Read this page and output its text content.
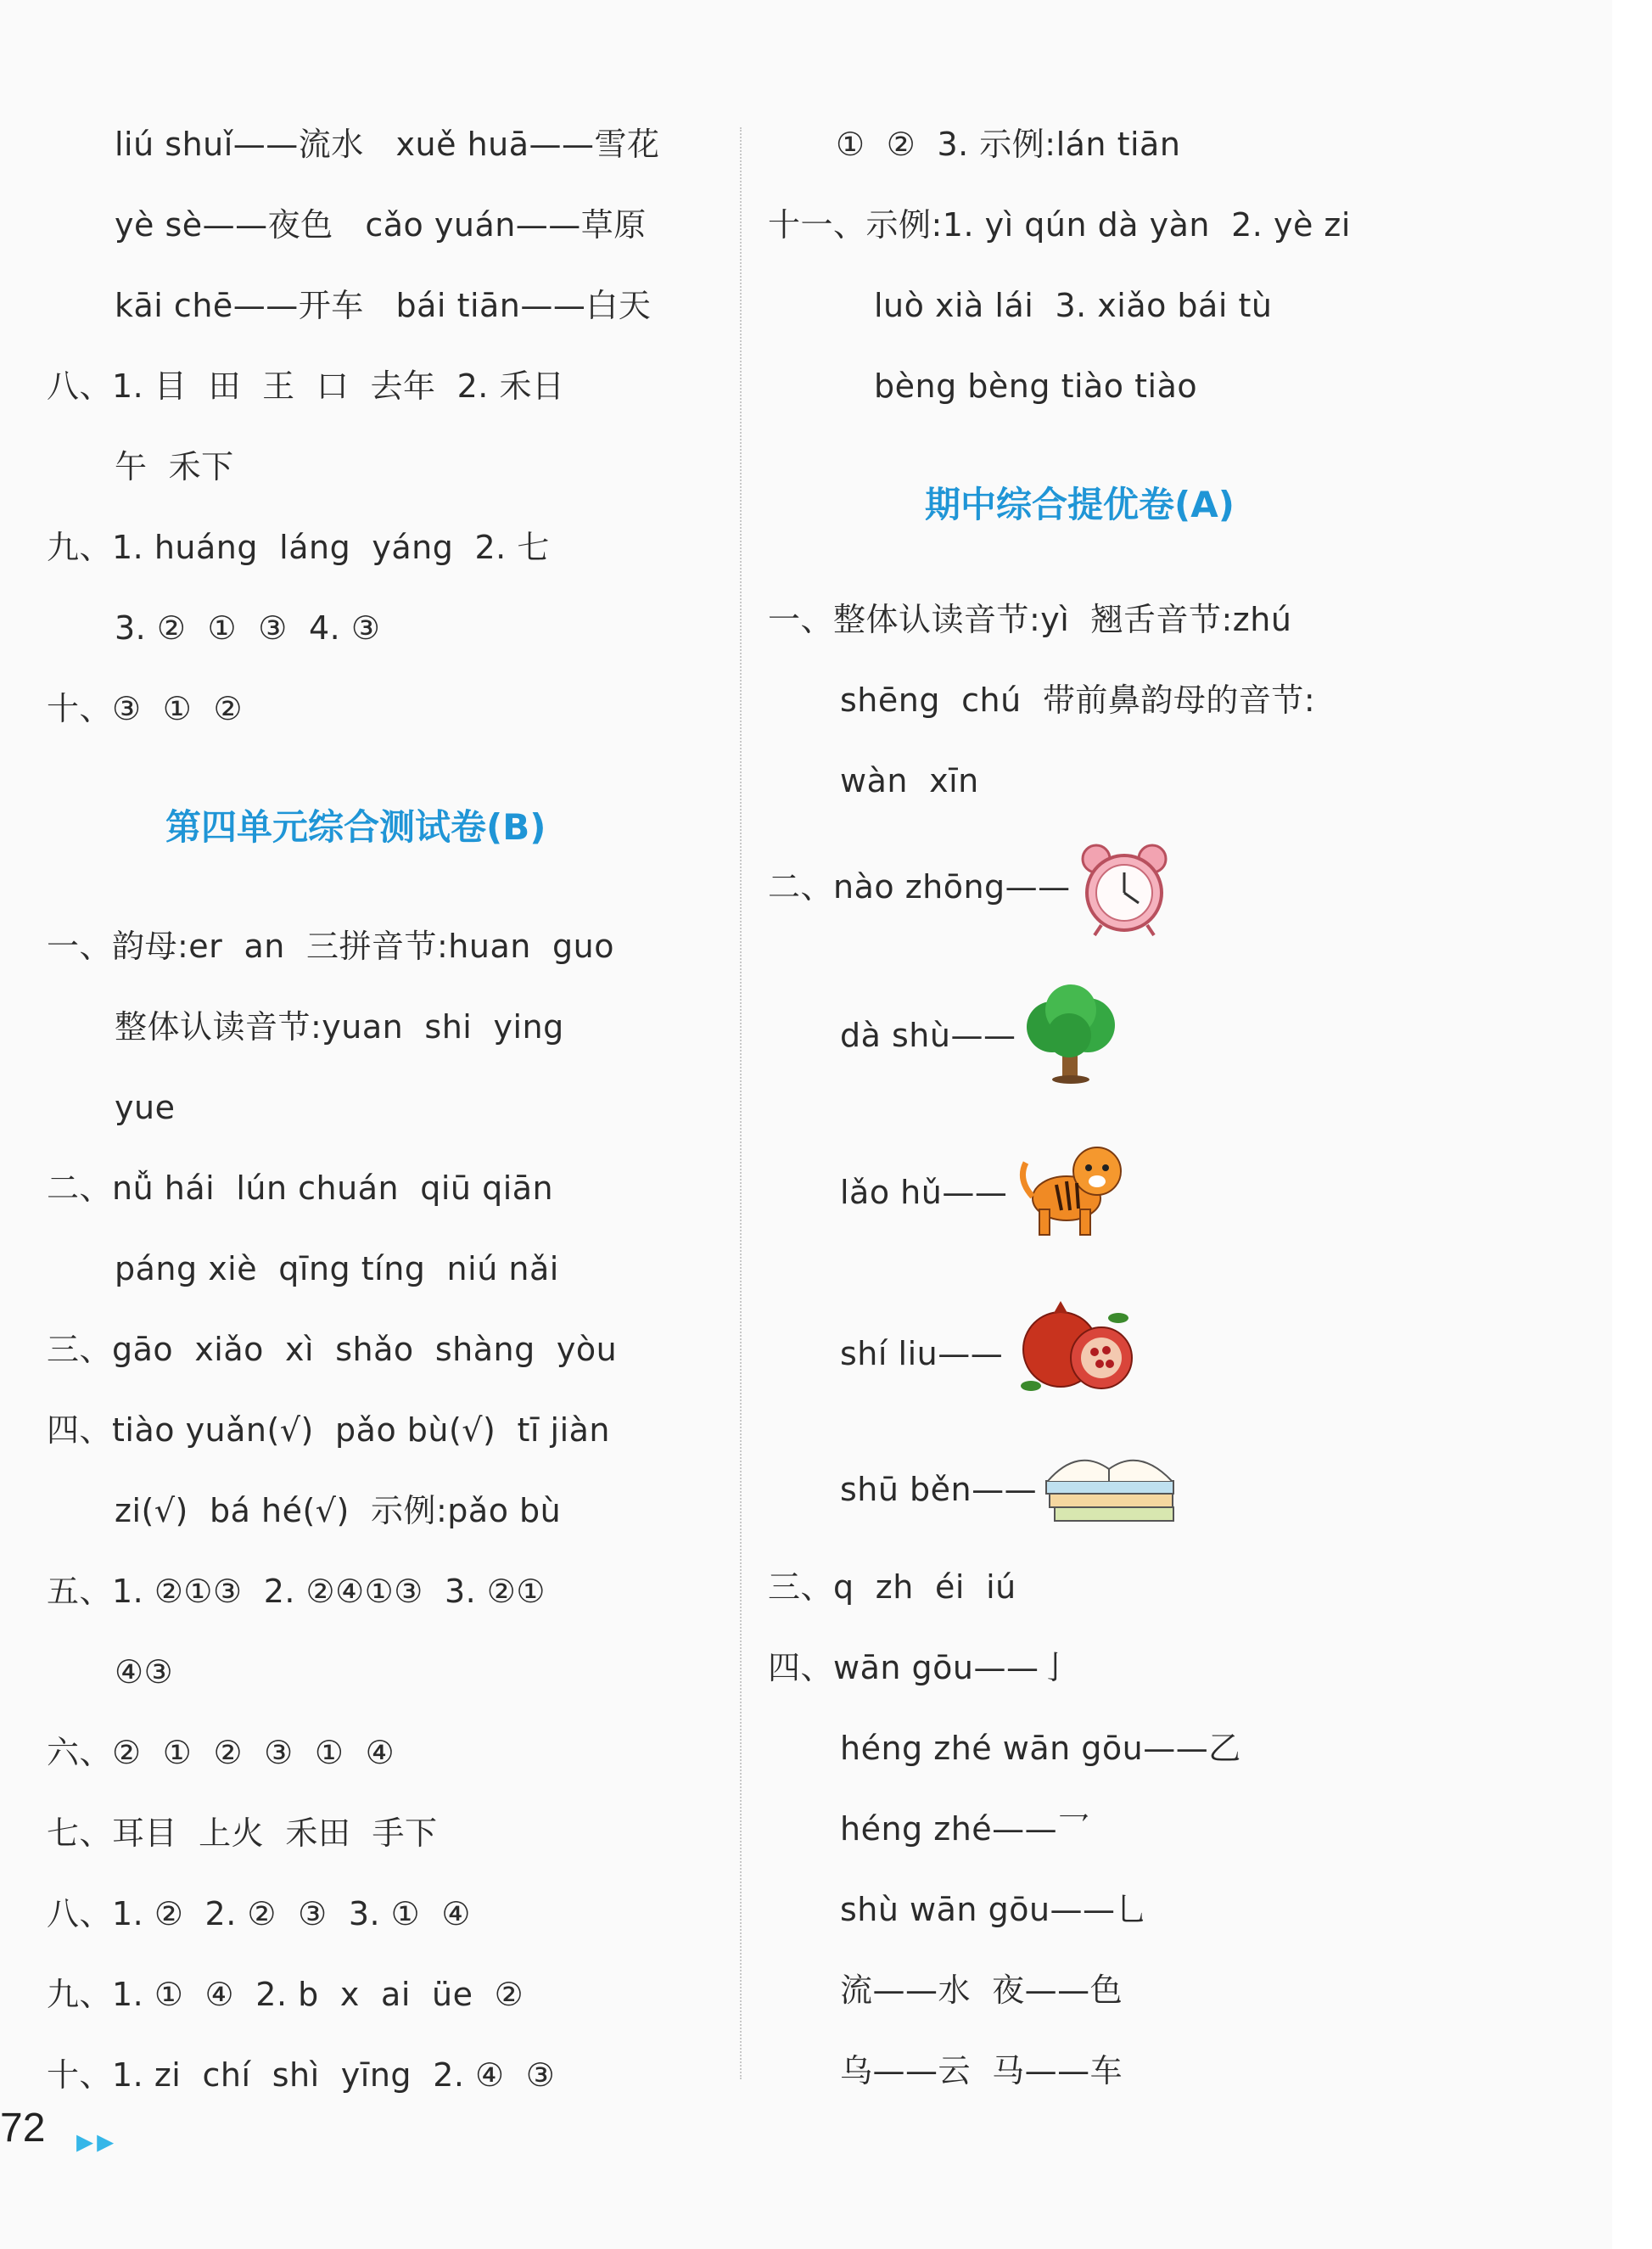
liú shuǐ——流水   xuě huā——雪花
yè sè——夜色   cǎo yuán——草原
kāi chē——开车   bái tiān——白天
八、1. 目  田  王  口  去年  2. 禾日
午  禾下
九、1. huáng  láng  yáng  2. 七
3. ②  ①  ③  4. ③
十、③  ①  ②
第四单元综合测试卷(B)
一、韵母:er  an  三拼音节:huan  guo
整体认读音节:yuan  shi  ying
yue
二、nǚ hái  lún chuán  qiū qiān
páng xiè  qīng tíng  niú nǎi
三、gāo  xiǎo  xì  shǎo  shàng  yòu
四、tiào yuǎn(√)  pǎo bù(√)  tī jiàn
zi(√)  bá hé(√)  示例:pǎo bù
五、1. ②①③  2. ②④①③  3. ②①
④③
六、②  ①  ②  ③  ①  ④
七、耳目  上火  禾田  手下
八、1. ②  2. ②  ③  3. ①  ④
九、1. ①  ④  2. b  x  ai  üe  ②
十、1. zi  chí  shì  yīng  2. ④  ③
①  ②  3. 示例:lán tiān
十一、示例:1. yì qún dà yàn  2. yè zi
luò xià lái  3. xiǎo bái tù
bèng bèng tiào tiào
期中综合提优卷(A)
一、整体认读音节:yì  翘舌音节:zhú
shēng  chú  带前鼻韵母的音节:
wàn  xīn
二、nào zhōng——
dà shù——
lǎo hǔ——
shí liu——
shū běn——
三、q  zh  éi  iú
四、wān gōu——亅
héng zhé wān gōu——乙
héng zhé——乛
shù wān gōu——乚
流——水  夜——色
乌——云  马——车
72 ▸▸
